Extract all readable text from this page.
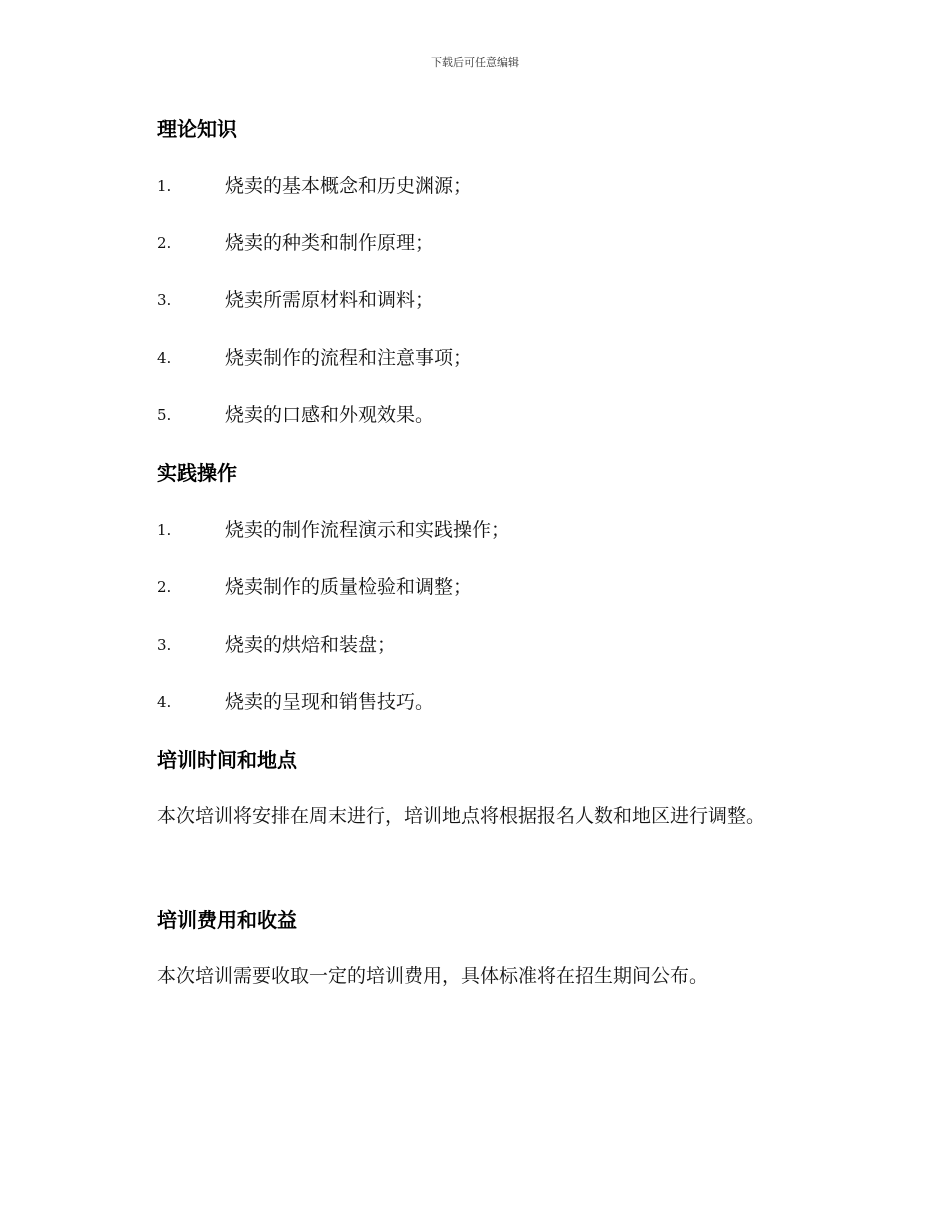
下载后可任意编辑
理论知识
1.	烧卖的基本概念和历史渊源；
2.	烧卖的种类和制作原理；
3.	烧卖所需原材料和调料；
4.	烧卖制作的流程和注意事项；
5.	烧卖的口感和外观效果。
实践操作
1.	烧卖的制作流程演示和实践操作；
2.	烧卖制作的质量检验和调整；
3.	烧卖的烘焙和装盘；
4.	烧卖的呈现和销售技巧。
培训时间和地点

本次培训将安排在周末进行，培训地点将根据报名人数和地区进行调整。

培训费用和收益

本次培训需要收取一定的培训费用，具体标准将在招生期间公布。
